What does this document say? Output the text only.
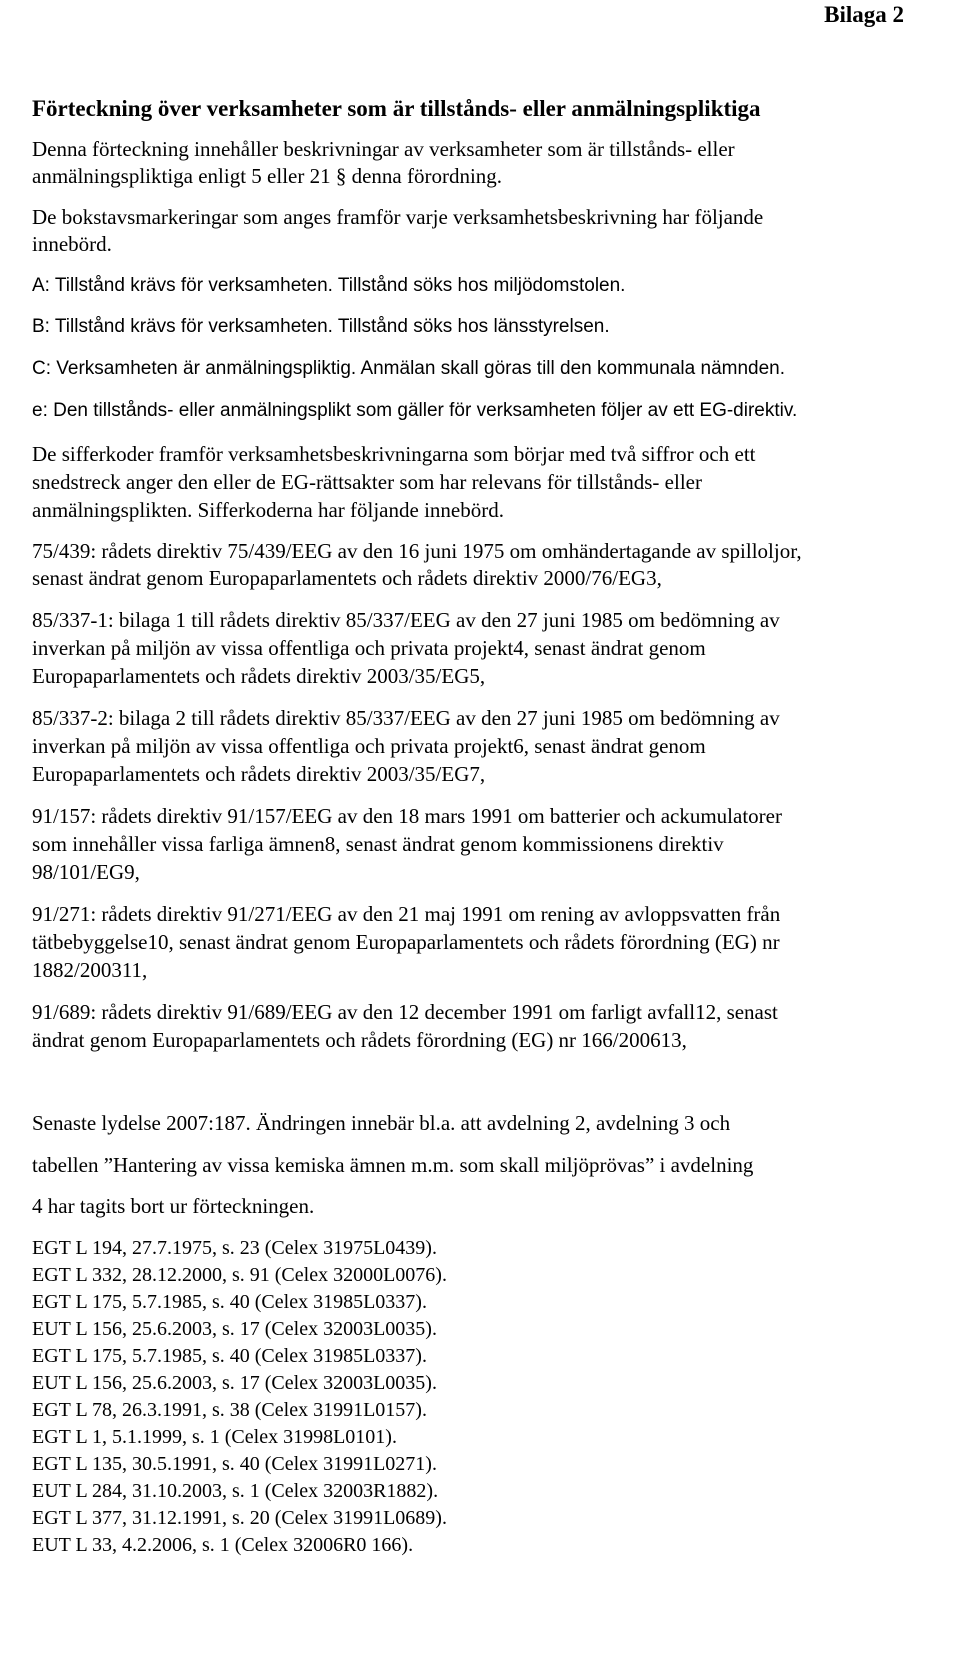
Bilaga 2
Förteckning över verksamheter som är tillstånds- eller anmälningspliktiga
Denna förteckning innehåller beskrivningar av verksamheter som är tillstånds- eller
anmälningspliktiga enligt 5 eller 21 § denna förordning.
De bokstavsmarkeringar som anges framför varje verksamhetsbeskrivning har följande
innebörd.
A: Tillstånd krävs för verksamheten. Tillstånd söks hos miljödomstolen.
B: Tillstånd krävs för verksamheten. Tillstånd söks hos länsstyrelsen.
C: Verksamheten är anmälningspliktig. Anmälan skall göras till den kommunala nämnden.
e: Den tillstånds- eller anmälningsplikt som gäller för verksamheten följer av ett EG-direktiv.
De sifferkoder framför verksamhetsbeskrivningarna som börjar med två siffror och ett
snedstreck anger den eller de EG-rättsakter som har relevans för tillstånds- eller
anmälningsplikten. Sifferkoderna har följande innebörd.
75/439: rådets direktiv 75/439/EEG av den 16 juni 1975 om omhändertagande av spilloljor,
senast ändrat genom Europaparlamentets och rådets direktiv 2000/76/EG3,
85/337-1: bilaga 1 till rådets direktiv 85/337/EEG av den 27 juni 1985 om bedömning av
inverkan på miljön av vissa offentliga och privata projekt4, senast ändrat genom
Europaparlamentets och rådets direktiv 2003/35/EG5,
85/337-2: bilaga 2 till rådets direktiv 85/337/EEG av den 27 juni 1985 om bedömning av
inverkan på miljön av vissa offentliga och privata projekt6, senast ändrat genom
Europaparlamentets och rådets direktiv 2003/35/EG7,
91/157: rådets direktiv 91/157/EEG av den 18 mars 1991 om batterier och ackumulatorer
som innehåller vissa farliga ämnen8, senast ändrat genom kommissionens direktiv
98/101/EG9,
91/271: rådets direktiv 91/271/EEG av den 21 maj 1991 om rening av avloppsvatten från
tätbebyggelse10, senast ändrat genom Europaparlamentets och rådets förordning (EG) nr
1882/200311,
91/689: rådets direktiv 91/689/EEG av den 12 december 1991 om farligt avfall12, senast
ändrat genom Europaparlamentets och rådets förordning (EG) nr 166/200613,
Senaste lydelse 2007:187. Ändringen innebär bl.a. att avdelning 2, avdelning 3 och
tabellen ”Hantering av vissa kemiska ämnen m.m. som skall miljöprövas” i avdelning
4 har tagits bort ur förteckningen.
EGT L 194, 27.7.1975, s. 23 (Celex 31975L0439).
EGT L 332, 28.12.2000, s. 91 (Celex 32000L0076).
EGT L 175, 5.7.1985, s. 40 (Celex 31985L0337).
EUT L 156, 25.6.2003, s. 17 (Celex 32003L0035).
EGT L 175, 5.7.1985, s. 40 (Celex 31985L0337).
EUT L 156, 25.6.2003, s. 17 (Celex 32003L0035).
EGT L 78, 26.3.1991, s. 38 (Celex 31991L0157).
EGT L 1, 5.1.1999, s. 1 (Celex 31998L0101).
EGT L 135, 30.5.1991, s. 40 (Celex 31991L0271).
EUT L 284, 31.10.2003, s. 1 (Celex 32003R1882).
EGT L 377, 31.12.1991, s. 20 (Celex 31991L0689).
EUT L 33, 4.2.2006, s. 1 (Celex 32006R0 166).
